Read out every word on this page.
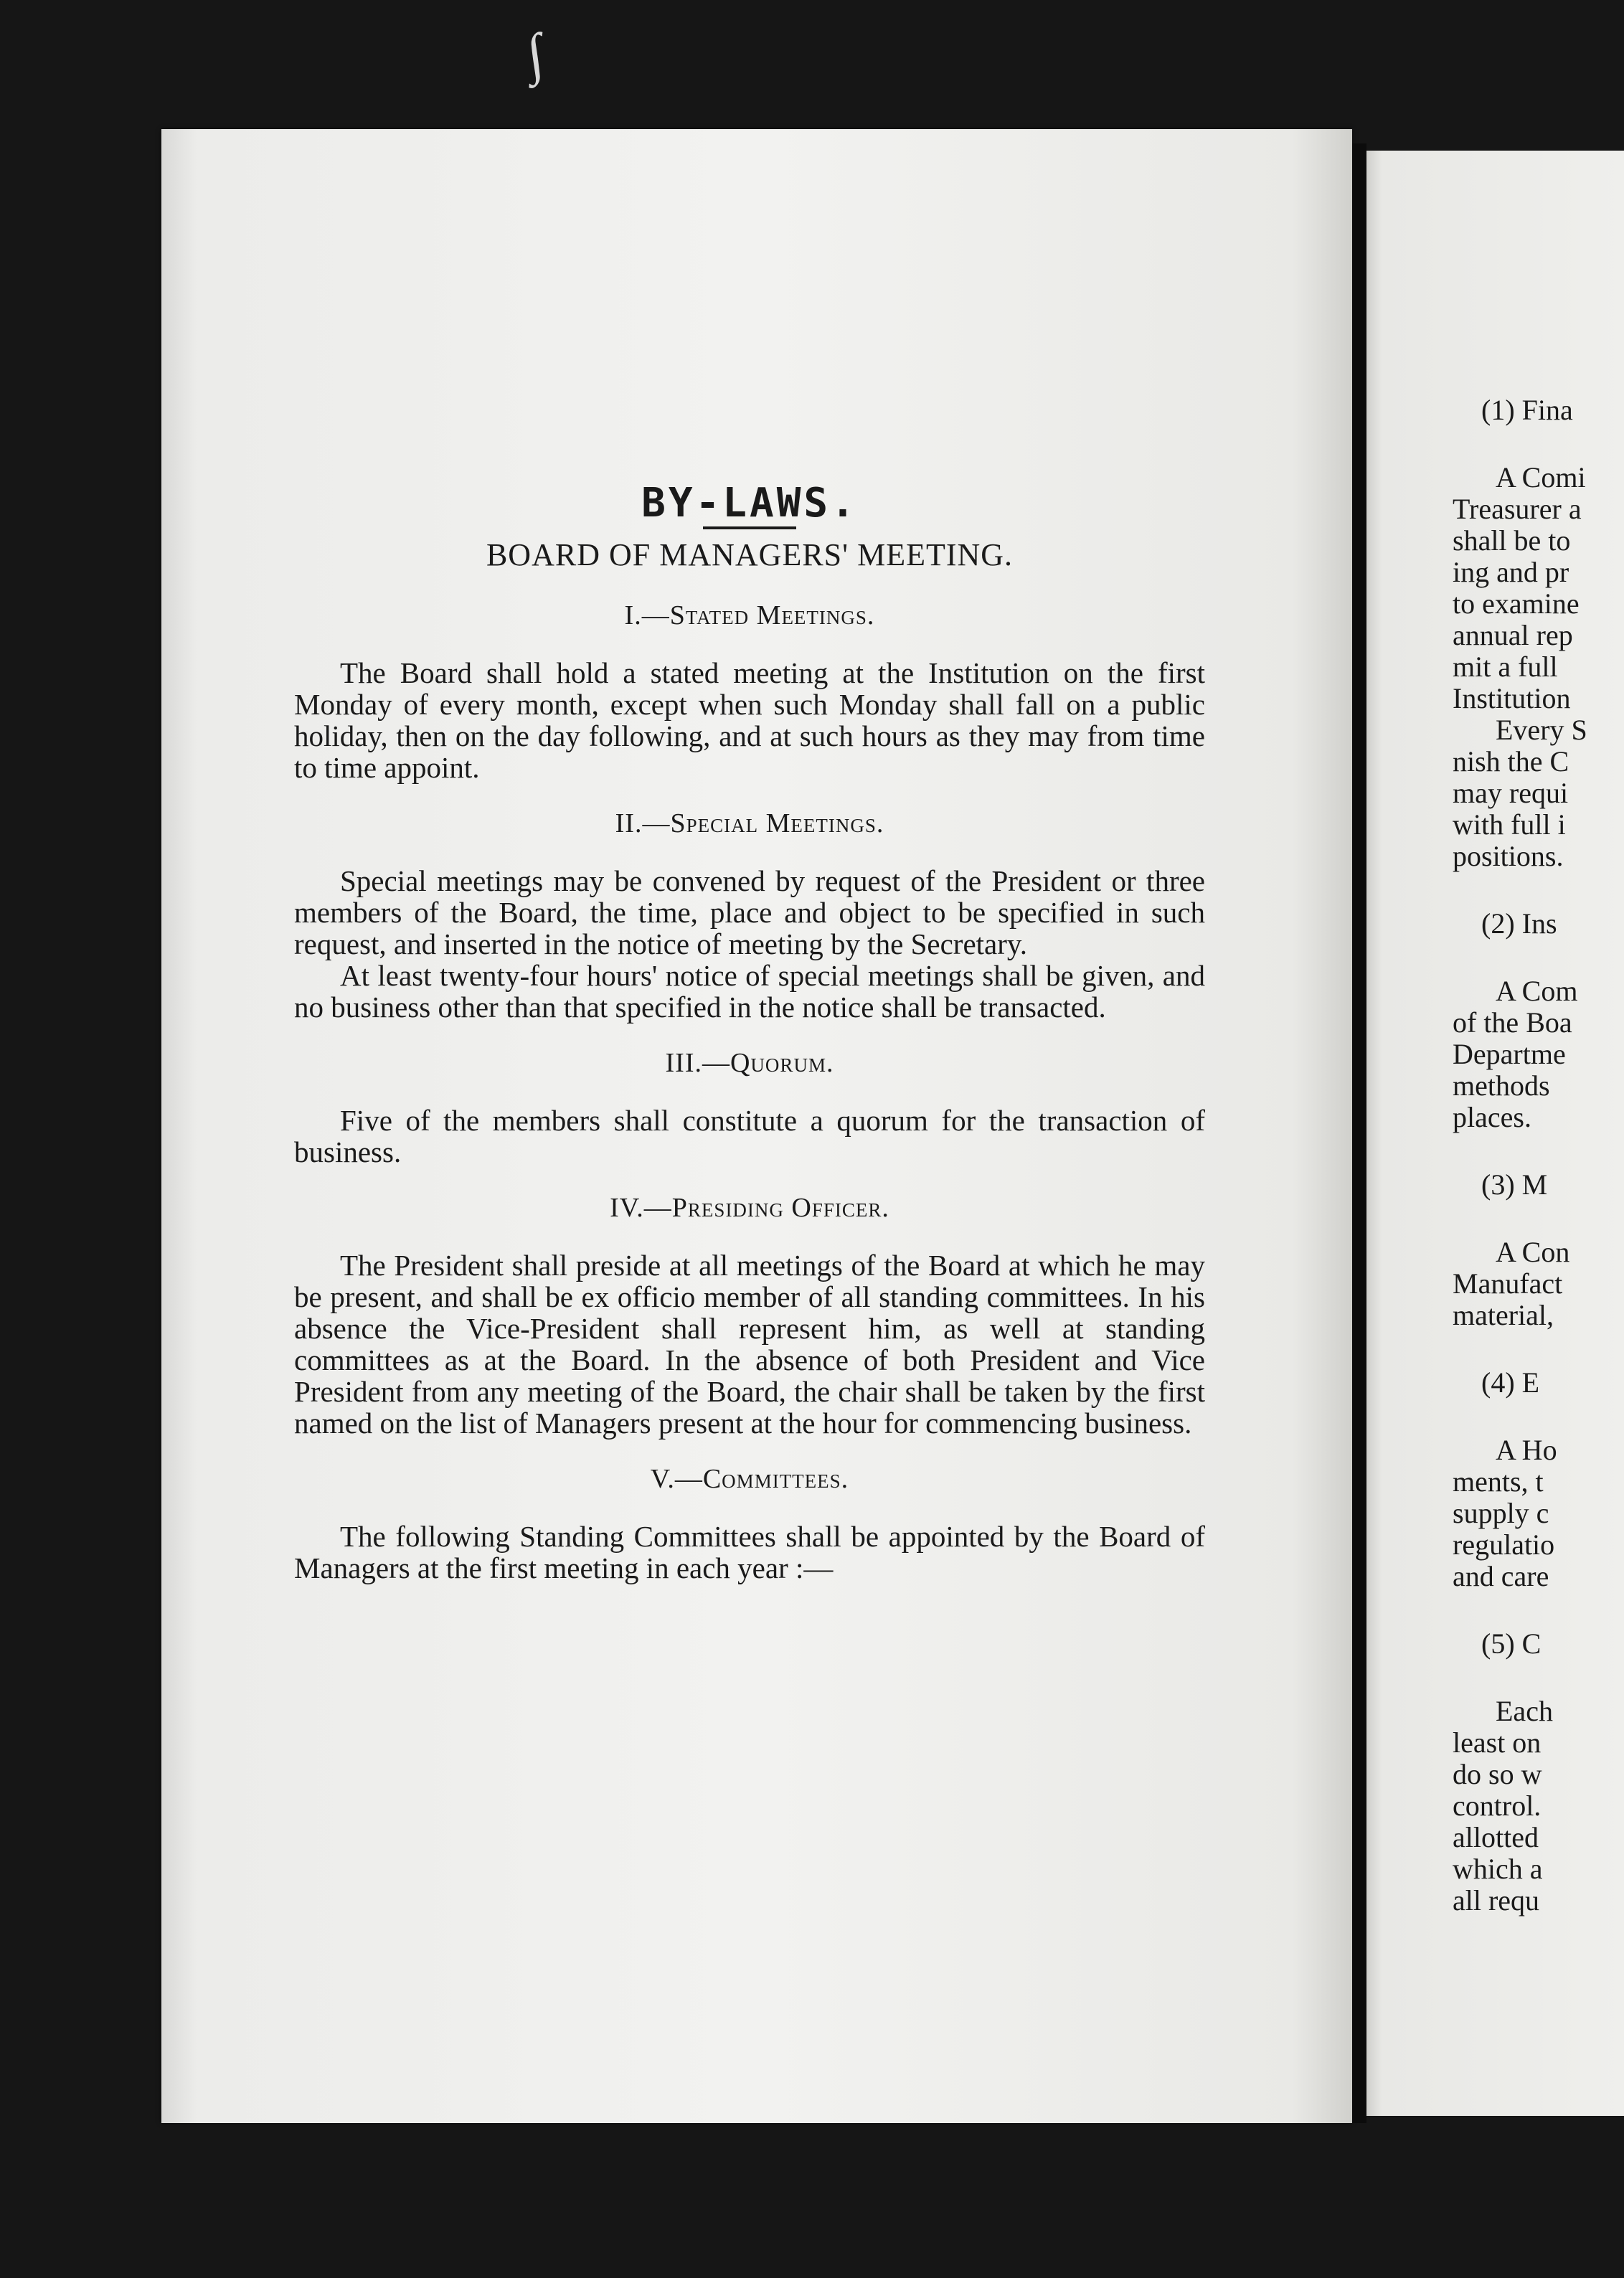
∫
BY-LAWS.
BOARD OF MANAGERS' MEETING.
I.—Stated Meetings.

The Board shall hold a stated meeting at the Institution on the first Monday of every month, except when such Monday shall fall on a public holiday, then on the day following, and at such hours as they may from time to time appoint.

II.—Special Meetings.

Special meetings may be convened by request of the President or three members of the Board, the time, place and object to be specified in such request, and inserted in the notice of meeting by the Secretary.

At least twenty-four hours' notice of special meetings shall be given, and no business other than that specified in the notice shall be transacted.

III.—Quorum.

Five of the members shall constitute a quorum for the transaction of business.

IV.—Presiding Officer.

The President shall preside at all meetings of the Board at which he may be present, and shall be ex officio member of all standing committees. In his absence the Vice-President shall represent him, as well at standing committees as at the Board. In the absence of both President and Vice President from any meeting of the Board, the chair shall be taken by the first named on the list of Managers present at the hour for commencing business.

V.—Committees.

The following Standing Committees shall be appointed by the Board of Managers at the first meeting in each year :—

(1) Fina
A Comi
Treasurer a
shall be to
ing and pr
to examine
annual rep
mit a full
Institution
Every S
nish the C
may requi
with full i
positions.
(2) Ins
A Com
of the Boa
Departme
methods
places.
(3) M
A Con
Manufact
material,
(4) E
A Ho
ments, t
supply c
regulatio
and care
(5) C
Each
least on
do so w
control.
allotted
which a
all requ
